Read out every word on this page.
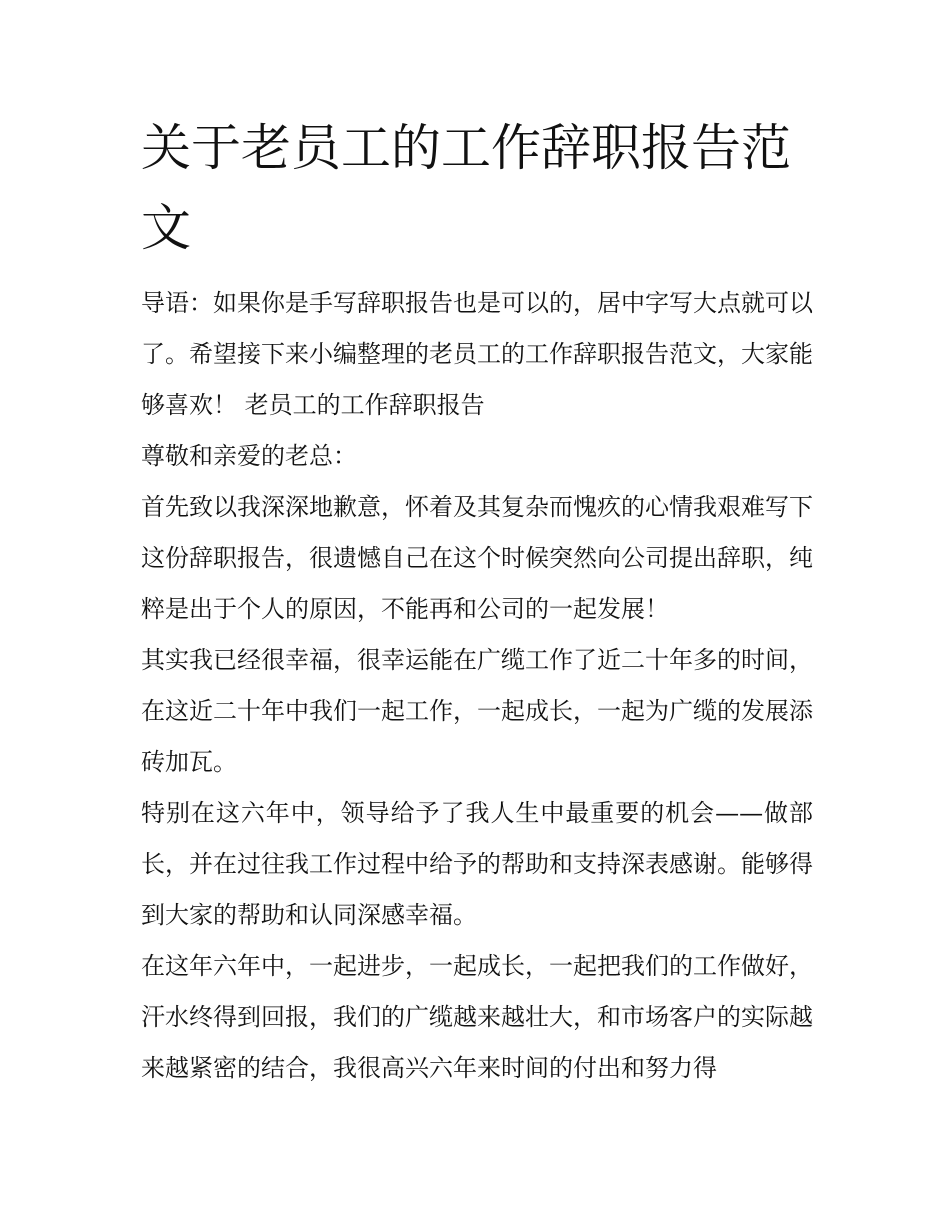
关于老员工的工作辞职报告范文

导语：如果你是手写辞职报告也是可以的，居中字写大点就可以了。希望接下来小编整理的老员工的工作辞职报告范文，大家能够喜欢！ 老员工的工作辞职报告

尊敬和亲爱的老总：

首先致以我深深地歉意，怀着及其复杂而愧疚的心情我艰难写下这份辞职报告，很遗憾自己在这个时候突然向公司提出辞职，纯粹是出于个人的原因，不能再和公司的一起发展！

其实我已经很幸福，很幸运能在广缆工作了近二十年多的时间，在这近二十年中我们一起工作，一起成长，一起为广缆的发展添砖加瓦。

特别在这六年中，领导给予了我人生中最重要的机会——做部长，并在过往我工作过程中给予的帮助和支持深表感谢。能够得到大家的帮助和认同深感幸福。

在这年六年中，一起进步，一起成长，一起把我们的工作做好，汗水终得到回报，我们的广缆越来越壮大，和市场客户的实际越来越紧密的结合，我很高兴六年来时间的付出和努力得
